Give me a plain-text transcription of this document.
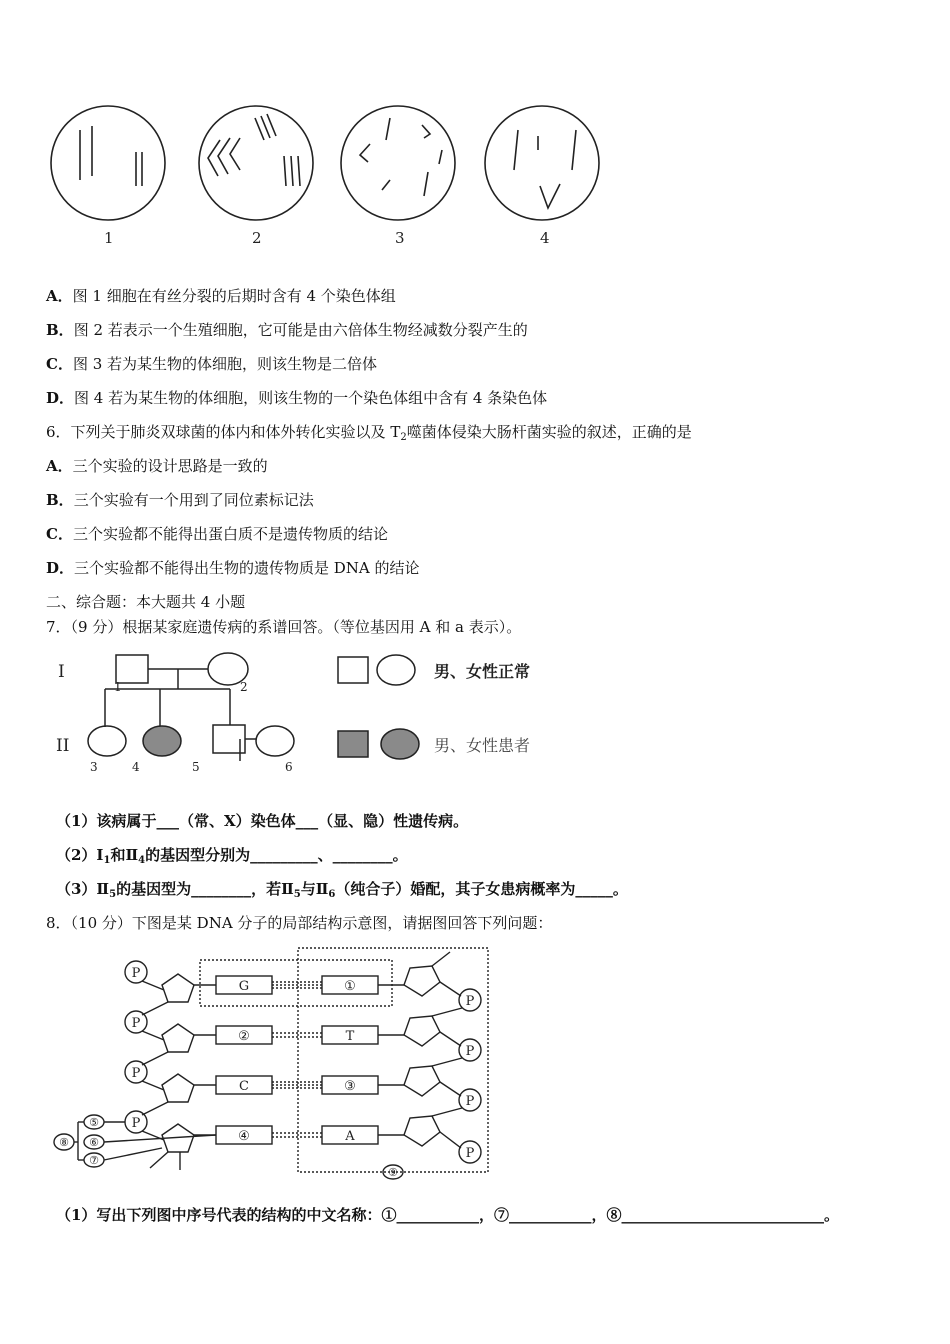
1	2	3	4
A．图 1 细胞在有丝分裂的后期时含有 4 个染色体组
B．图 2 若表示一个生殖细胞，它可能是由六倍体生物经减数分裂产生的
C．图 3 若为某生物的体细胞，则该生物是二倍体
D．图 4 若为某生物的体细胞，则该生物的一个染色体组中含有 4 条染色体
6．下列关于肺炎双球菌的体内和体外转化实验以及 $T_2$噬菌体侵染大肠杆菌实验的叙述，正确的是
A．三个实验的设计思路是一致的
B．三个实验有一个用到了同位素标记法
C．三个实验都不能得出蛋白质不是遗传物质的结论
D．三个实验都不能得出生物的遗传物质是 DNA 的结论
二、综合题：本大题共 4 小题
7．（9 分）根据某家庭遗传病的系谱回答。（等位基因用 A 和 a 表示）。
I
II
1	2
3	4	5	6
男、女性正常
男、女性患者
（1）该病属于___（常、X）染色体___（显、隐）性遗传病。
$(2)Ⅰ_1$和$Ⅱ_4$的基因型分别为_________、________。
$(3)Ⅱ_5$的基因型为________，若$Ⅱ_5$与$Ⅱ_6$（纯合子）婚配，其子女患病概率为_____。
8．（10 分）下图是某 DNA 分子的局部结构示意图，请据图回答下列问题：
P
P
P
P
P
P
P
P
G
②
C
④
①
T
③
A
⑤
⑥
⑦
⑧
⑨
（1）写出下列图中序号代表的结构的中文名称：①___________，⑦___________，⑧___________________________。
